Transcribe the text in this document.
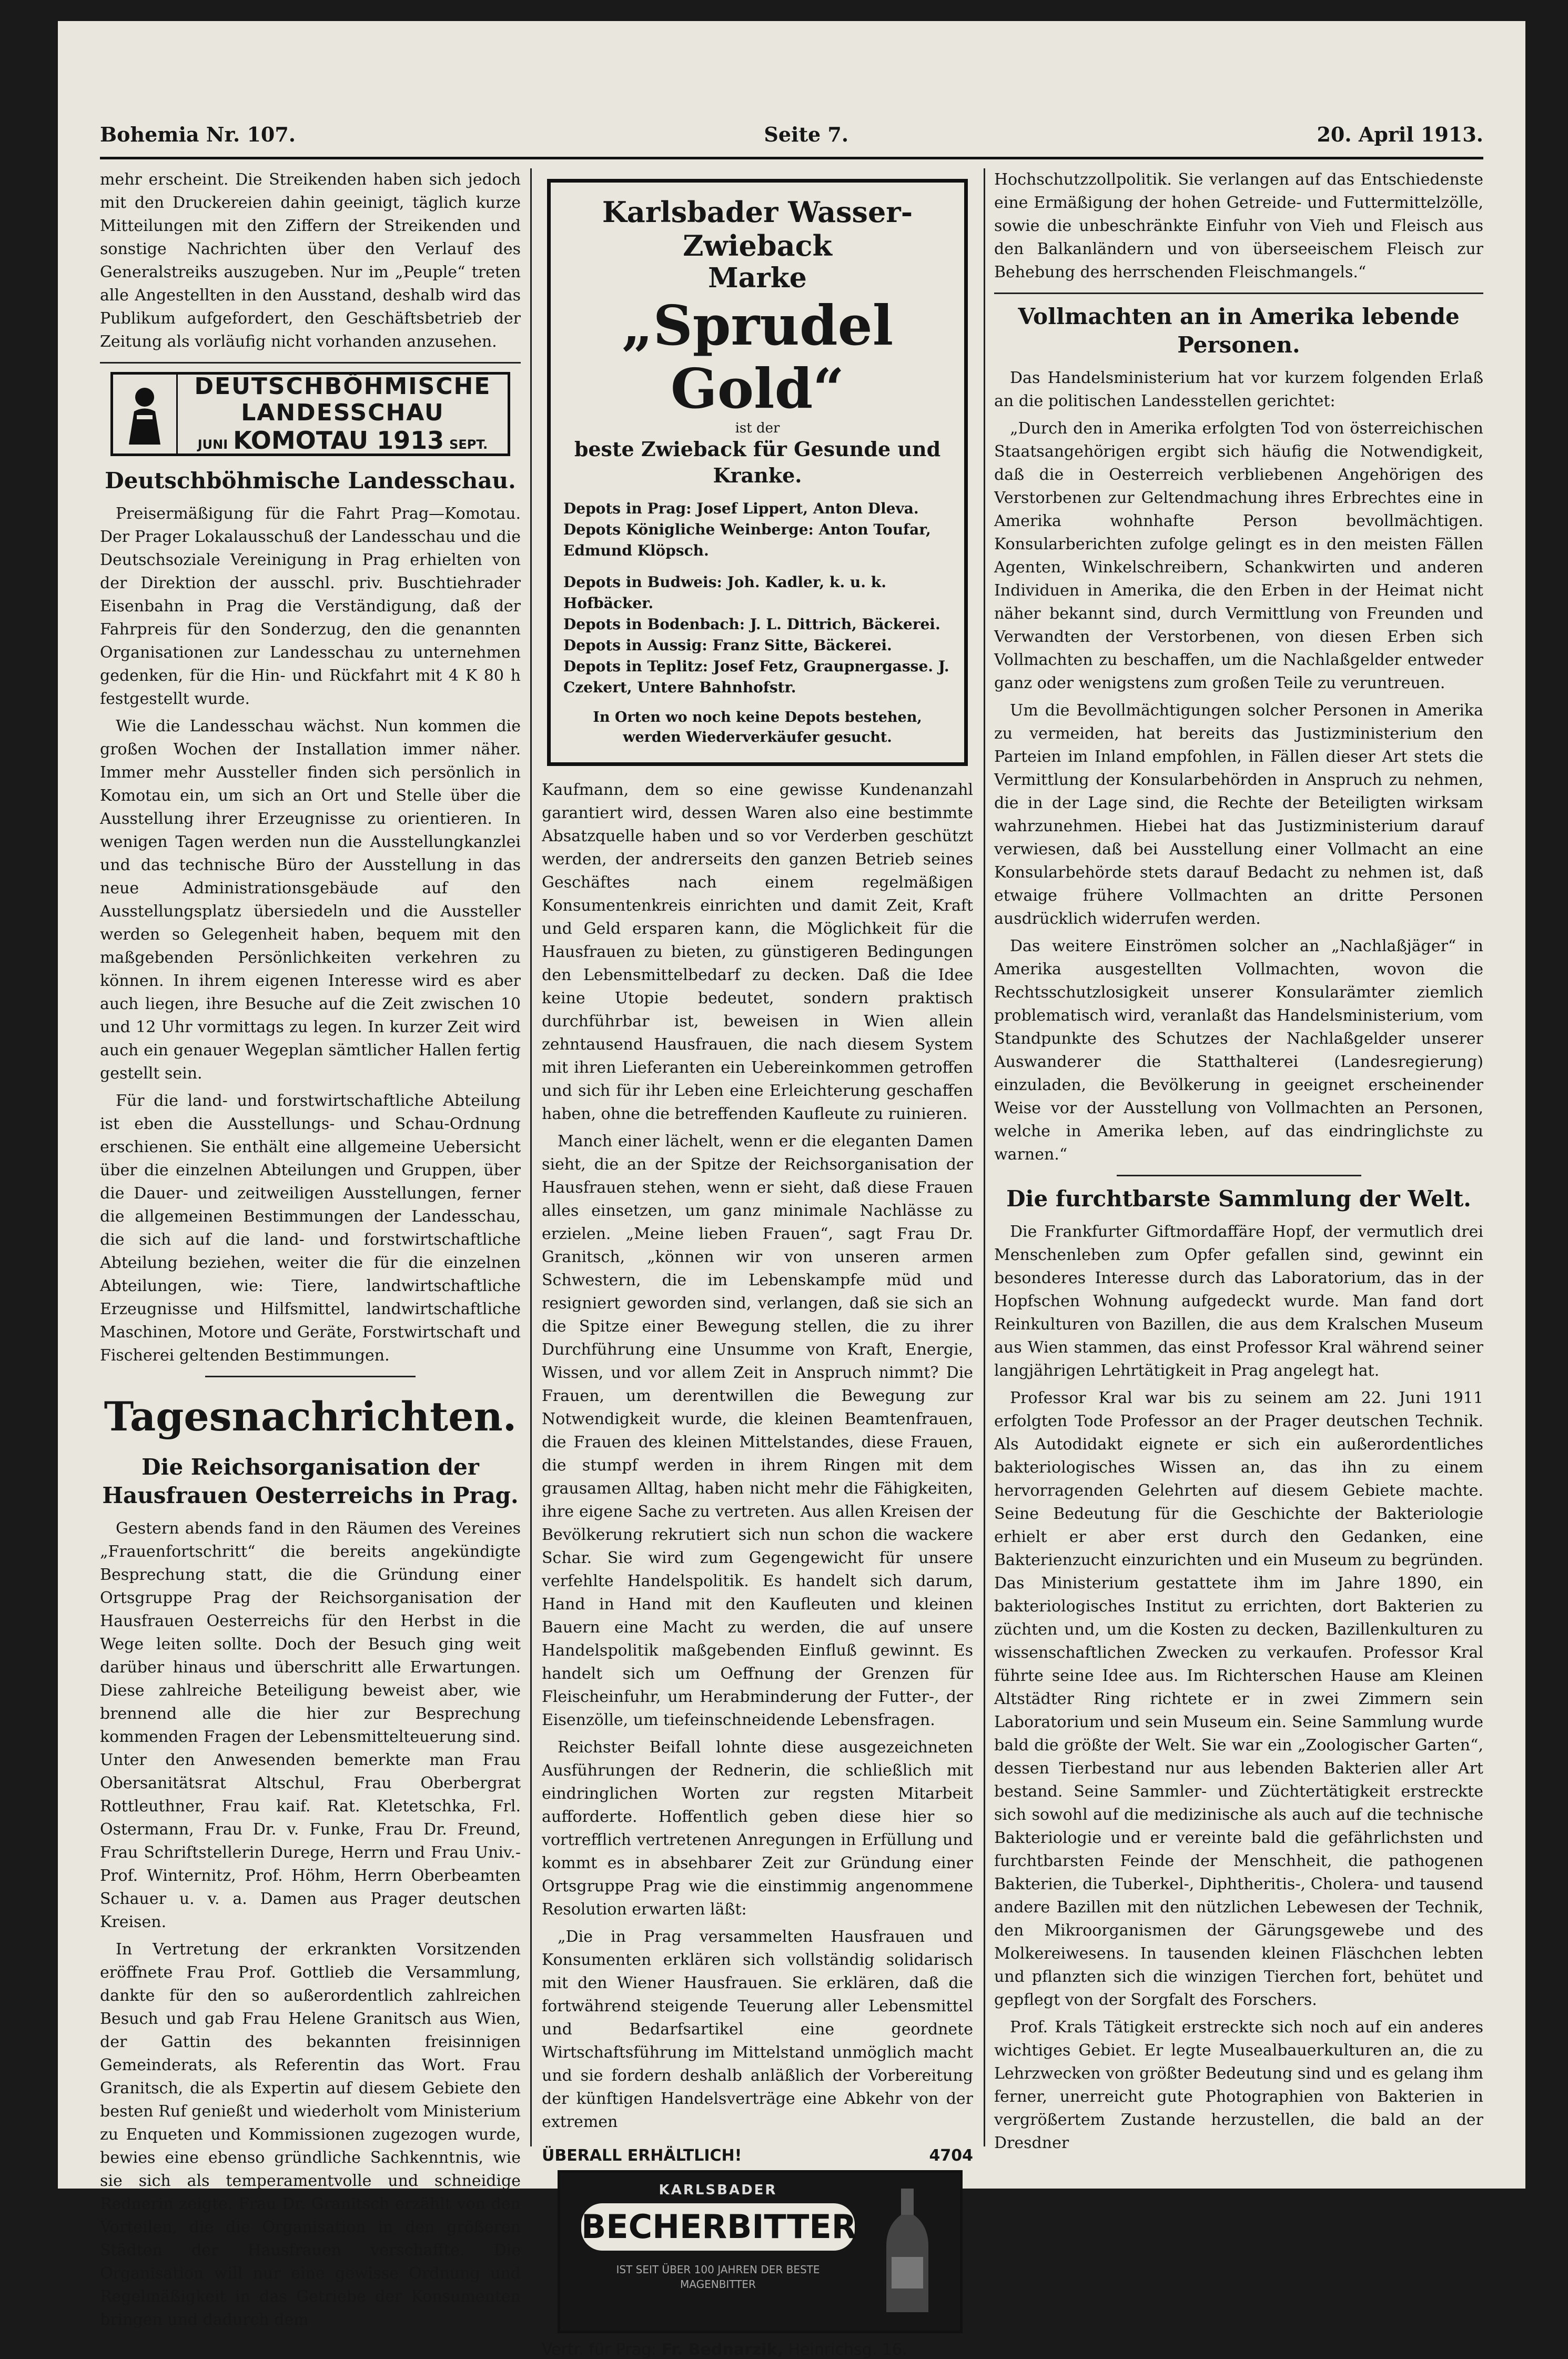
Bohemia Nr. 107.	Seite 7.	20. April 1913.

mehr erscheint. Die Streikenden haben sich jedoch mit den Druckereien dahin geeinigt, täglich kurze Mitteilungen mit den Ziffern der Streikenden und sonstige Nachrichten über den Verlauf des Generalstreiks auszugeben. Nur im „Peuple“ treten alle Angestellten in den Ausstand, deshalb wird das Publikum aufgefordert, den Geschäftsbetrieb der Zeitung als vorläufig nicht vorhanden anzusehen.

DEUTSCHBÖHMISCHE
LANDESSCHAU
JUNI KOMOTAU 1913 SEPT.
Deutschböhmische Landesschau.

Preisermäßigung für die Fahrt Prag—Komotau. Der Prager Lokalausschuß der Landesschau und die Deutschsoziale Vereinigung in Prag erhielten von der Direktion der ausschl. priv. Buschtiehrader Eisenbahn in Prag die Verständigung, daß der Fahrpreis für den Sonderzug, den die genannten Organisationen zur Landesschau zu unternehmen gedenken, für die Hin- und Rückfahrt mit 4 K 80 h festgestellt wurde.

Wie die Landesschau wächst. Nun kommen die großen Wochen der Installation immer näher. Immer mehr Aussteller finden sich persönlich in Komotau ein, um sich an Ort und Stelle über die Ausstellung ihrer Erzeugnisse zu orientieren. In wenigen Tagen werden nun die Ausstellungkanzlei und das technische Büro der Ausstellung in das neue Administrationsgebäude auf den Ausstellungsplatz übersiedeln und die Aussteller werden so Gelegenheit haben, bequem mit den maßgebenden Persönlichkeiten verkehren zu können. In ihrem eigenen Interesse wird es aber auch liegen, ihre Besuche auf die Zeit zwischen 10 und 12 Uhr vormittags zu legen. In kurzer Zeit wird auch ein genauer Wegeplan sämtlicher Hallen fertig gestellt sein.

Für die land- und forstwirtschaftliche Abteilung ist eben die Ausstellungs- und Schau-Ordnung erschienen. Sie enthält eine allgemeine Uebersicht über die einzelnen Abteilungen und Gruppen, über die Dauer- und zeitweiligen Ausstellungen, ferner die allgemeinen Bestimmungen der Landesschau, die sich auf die land- und forstwirtschaftliche Abteilung beziehen, weiter die für die einzelnen Abteilungen, wie: Tiere, landwirtschaftliche Erzeugnisse und Hilfsmittel, landwirtschaftliche Maschinen, Motore und Geräte, Forstwirtschaft und Fischerei geltenden Bestimmungen.

Tagesnachrichten.
Die Reichsorganisation der Hausfrauen Oesterreichs in Prag.

Gestern abends fand in den Räumen des Vereines „Frauenfortschritt“ die bereits angekündigte Besprechung statt, die die Gründung einer Ortsgruppe Prag der Reichsorganisation der Hausfrauen Oesterreichs für den Herbst in die Wege leiten sollte. Doch der Besuch ging weit darüber hinaus und überschritt alle Erwartungen. Diese zahlreiche Beteiligung beweist aber, wie brennend alle die hier zur Besprechung kommenden Fragen der Lebensmittelteuerung sind. Unter den Anwesenden bemerkte man Frau Obersanitätsrat Altschul, Frau Oberbergrat Rottleuthner, Frau kaif. Rat. Kletetschka, Frl. Ostermann, Frau Dr. v. Funke, Frau Dr. Freund, Frau Schriftstellerin Durege, Herrn und Frau Univ.-Prof. Winternitz, Prof. Höhm, Herrn Oberbeamten Schauer u. v. a. Damen aus Prager deutschen Kreisen.

In Vertretung der erkrankten Vorsitzenden eröffnete Frau Prof. Gottlieb die Versammlung, dankte für den so außerordentlich zahlreichen Besuch und gab Frau Helene Granitsch aus Wien, der Gattin des bekannten freisinnigen Gemeinderats, als Referentin das Wort. Frau Granitsch, die als Expertin auf diesem Gebiete den besten Ruf genießt und wiederholt vom Ministerium zu Enqueten und Kommissionen zugezogen wurde, bewies eine ebenso gründliche Sachkenntnis, wie sie sich als temperamentvolle und schneidige Rednerin zeigte. Frau Dr. Granitsch erzählt von den Vorteilen, die die Organisation in den größeren Städten der Hausfrauen verschaffte. Die Organisation will nur eine gewisse Ordnung und Regelmäßigkeit in das Getriebe der Konsumenten bringen und dadurch dem

Karlsbader Wasser-Zwieback
Marke
„Sprudel Gold“
ist der
beste Zwieback für Gesunde und Kranke.
Depots in Prag: Josef Lippert, Anton Dleva.
Depots Königliche Weinberge: Anton Toufar, Edmund Klöpsch.
Depots in Budweis: Joh. Kadler, k. u. k. Hofbäcker.
Depots in Bodenbach: J. L. Dittrich, Bäckerei.
Depots in Aussig: Franz Sitte, Bäckerei.
Depots in Teplitz: Josef Fetz, Graupnergasse. J. Czekert, Untere Bahnhofstr.
In Orten wo noch keine Depots bestehen, werden Wiederverkäufer gesucht.

Kaufmann, dem so eine gewisse Kundenanzahl garantiert wird, dessen Waren also eine bestimmte Absatzquelle haben und so vor Verderben geschützt werden, der andrerseits den ganzen Betrieb seines Geschäftes nach einem regelmäßigen Konsumentenkreis einrichten und damit Zeit, Kraft und Geld ersparen kann, die Möglichkeit für die Hausfrauen zu bieten, zu günstigeren Bedingungen den Lebensmittelbedarf zu decken. Daß die Idee keine Utopie bedeutet, sondern praktisch durchführbar ist, beweisen in Wien allein zehntausend Hausfrauen, die nach diesem System mit ihren Lieferanten ein Uebereinkommen getroffen und sich für ihr Leben eine Erleichterung geschaffen haben, ohne die betreffenden Kaufleute zu ruinieren.

Manch einer lächelt, wenn er die eleganten Damen sieht, die an der Spitze der Reichsorganisation der Hausfrauen stehen, wenn er sieht, daß diese Frauen alles einsetzen, um ganz minimale Nachlässe zu erzielen. „Meine lieben Frauen“, sagt Frau Dr. Granitsch, „können wir von unseren armen Schwestern, die im Lebenskampfe müd und resigniert geworden sind, verlangen, daß sie sich an die Spitze einer Bewegung stellen, die zu ihrer Durchführung eine Unsumme von Kraft, Energie, Wissen, und vor allem Zeit in Anspruch nimmt? Die Frauen, um derentwillen die Bewegung zur Notwendigkeit wurde, die kleinen Beamtenfrauen, die Frauen des kleinen Mittelstandes, diese Frauen, die stumpf werden in ihrem Ringen mit dem grausamen Alltag, haben nicht mehr die Fähigkeiten, ihre eigene Sache zu vertreten. Aus allen Kreisen der Bevölkerung rekrutiert sich nun schon die wackere Schar. Sie wird zum Gegengewicht für unsere verfehlte Handelspolitik. Es handelt sich darum, Hand in Hand mit den Kaufleuten und kleinen Bauern eine Macht zu werden, die auf unsere Handelspolitik maßgebenden Einfluß gewinnt. Es handelt sich um Oeffnung der Grenzen für Fleischeinfuhr, um Herabminderung der Futter-, der Eisenzölle, um tiefeinschneidende Lebensfragen.

Reichster Beifall lohnte diese ausgezeichneten Ausführungen der Rednerin, die schließlich mit eindringlichen Worten zur regsten Mitarbeit aufforderte. Hoffentlich geben diese hier so vortrefflich vertretenen Anregungen in Erfüllung und kommt es in absehbarer Zeit zur Gründung einer Ortsgruppe Prag wie die einstimmig angenommene Resolution erwarten läßt:

„Die in Prag versammelten Hausfrauen und Konsumenten erklären sich vollständig solidarisch mit den Wiener Hausfrauen. Sie erklären, daß die fortwährend steigende Teuerung aller Lebensmittel und Bedarfsartikel eine geordnete Wirtschaftsführung im Mittelstand unmöglich macht und sie fordern deshalb anläßlich der Vorbereitung der künftigen Handelsverträge eine Abkehr von der extremen

ÜBERALL ERHÄLTLICH!	4704
KARLSBADER
BECHERBITTER
IST SEIT ÜBER 100 JAHREN DER BESTE MAGENBITTER
Vertr. für Prag: Fr. Bednarzik, Heinrichsg. 16.

Hochschutzzollpolitik. Sie verlangen auf das Entschiedenste eine Ermäßigung der hohen Getreide- und Futtermittelzölle, sowie die unbeschränkte Einfuhr von Vieh und Fleisch aus den Balkanländern und von überseeischem Fleisch zur Behebung des herrschenden Fleischmangels.“

Vollmachten an in Amerika lebende Personen.

Das Handelsministerium hat vor kurzem folgenden Erlaß an die politischen Landesstellen gerichtet:

„Durch den in Amerika erfolgten Tod von österreichischen Staatsangehörigen ergibt sich häufig die Notwendigkeit, daß die in Oesterreich verbliebenen Angehörigen des Verstorbenen zur Geltendmachung ihres Erbrechtes eine in Amerika wohnhafte Person bevollmächtigen. Konsularberichten zufolge gelingt es in den meisten Fällen Agenten, Winkelschreibern, Schankwirten und anderen Individuen in Amerika, die den Erben in der Heimat nicht näher bekannt sind, durch Vermittlung von Freunden und Verwandten der Verstorbenen, von diesen Erben sich Vollmachten zu beschaffen, um die Nachlaßgelder entweder ganz oder wenigstens zum großen Teile zu veruntreuen.

Um die Bevollmächtigungen solcher Personen in Amerika zu vermeiden, hat bereits das Justizministerium den Parteien im Inland empfohlen, in Fällen dieser Art stets die Vermittlung der Konsularbehörden in Anspruch zu nehmen, die in der Lage sind, die Rechte der Beteiligten wirksam wahrzunehmen. Hiebei hat das Justizministerium darauf verwiesen, daß bei Ausstellung einer Vollmacht an eine Konsularbehörde stets darauf Bedacht zu nehmen ist, daß etwaige frühere Vollmachten an dritte Personen ausdrücklich widerrufen werden.

Das weitere Einströmen solcher an „Nachlaßjäger“ in Amerika ausgestellten Vollmachten, wovon die Rechtsschutzlosigkeit unserer Konsularämter ziemlich problematisch wird, veranlaßt das Handelsministerium, vom Standpunkte des Schutzes der Nachlaßgelder unserer Auswanderer die Statthalterei (Landesregierung) einzuladen, die Bevölkerung in geeignet erscheinender Weise vor der Ausstellung von Vollmachten an Personen, welche in Amerika leben, auf das eindringlichste zu warnen.“

Die furchtbarste Sammlung der Welt.

Die Frankfurter Giftmordaffäre Hopf, der vermutlich drei Menschenleben zum Opfer gefallen sind, gewinnt ein besonderes Interesse durch das Laboratorium, das in der Hopfschen Wohnung aufgedeckt wurde. Man fand dort Reinkulturen von Bazillen, die aus dem Kralschen Museum aus Wien stammen, das einst Professor Kral während seiner langjährigen Lehrtätigkeit in Prag angelegt hat.

Professor Kral war bis zu seinem am 22. Juni 1911 erfolgten Tode Professor an der Prager deutschen Technik. Als Autodidakt eignete er sich ein außerordentliches bakteriologisches Wissen an, das ihn zu einem hervorragenden Gelehrten auf diesem Gebiete machte. Seine Bedeutung für die Geschichte der Bakteriologie erhielt er aber erst durch den Gedanken, eine Bakterienzucht einzurichten und ein Museum zu begründen. Das Ministerium gestattete ihm im Jahre 1890, ein bakteriologisches Institut zu errichten, dort Bakterien zu züchten und, um die Kosten zu decken, Bazillenkulturen zu wissenschaftlichen Zwecken zu verkaufen. Professor Kral führte seine Idee aus. Im Richterschen Hause am Kleinen Altstädter Ring richtete er in zwei Zimmern sein Laboratorium und sein Museum ein. Seine Sammlung wurde bald die größte der Welt. Sie war ein „Zoologischer Garten“, dessen Tierbestand nur aus lebenden Bakterien aller Art bestand. Seine Sammler- und Züchtertätigkeit erstreckte sich sowohl auf die medizinische als auch auf die technische Bakteriologie und er vereinte bald die gefährlichsten und furchtbarsten Feinde der Menschheit, die pathogenen Bakterien, die Tuberkel-, Diphtheritis-, Cholera- und tausend andere Bazillen mit den nützlichen Lebewesen der Technik, den Mikroorganismen der Gärungsgewebe und des Molkereiwesens. In tausenden kleinen Fläschchen lebten und pflanzten sich die winzigen Tierchen fort, behütet und gepflegt von der Sorgfalt des Forschers.

Prof. Krals Tätigkeit erstreckte sich noch auf ein anderes wichtiges Gebiet. Er legte Musealbauerkulturen an, die zu Lehrzwecken von größter Bedeutung sind und es gelang ihm ferner, unerreicht gute Photographien von Bakterien in vergrößertem Zustande herzustellen, die bald an der Dresdner
